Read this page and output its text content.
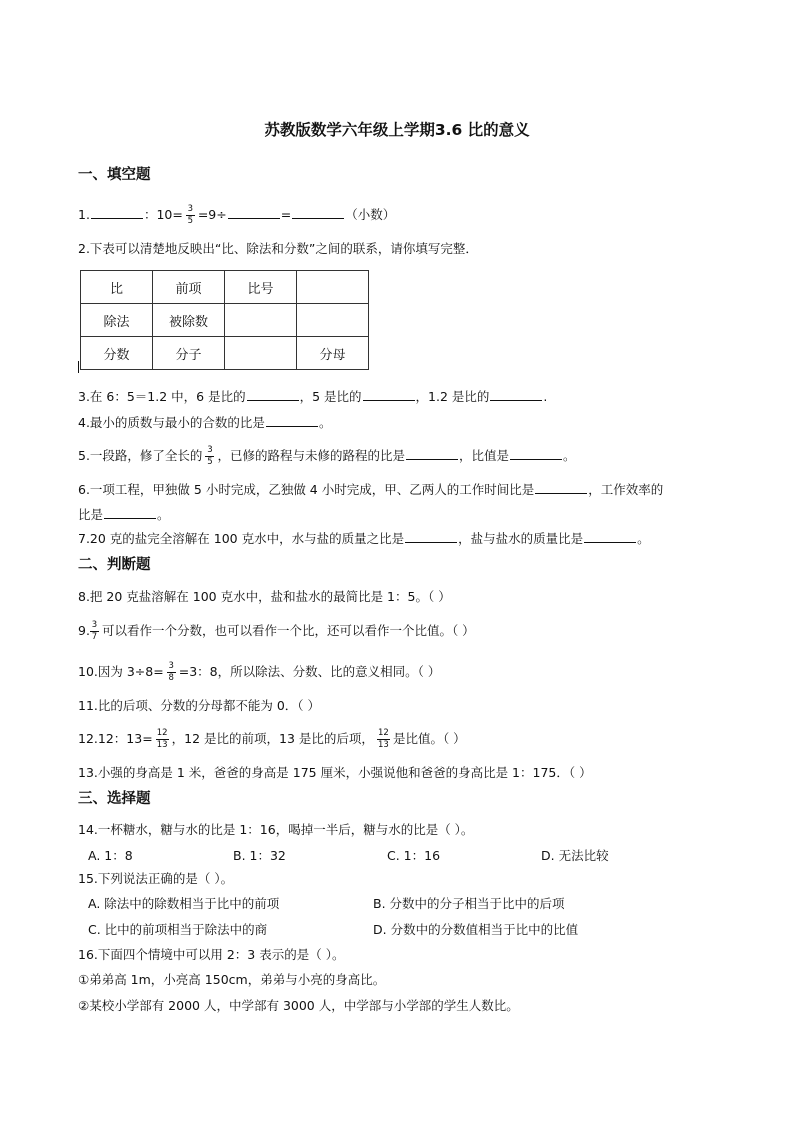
苏教版数学六年级上学期3.6 比的意义
一、填空题
1.	：$10= \frac{3}{5} =9\div$	=	（小数）
2.下表可以清楚地反映出“比、除法和分数”之间的联系，请你填写完整．
比	前项	比号	
除法	被除数		
分数	分子		分母
3.在 6：5＝1.2 中，6 是比的	，5 是比的	，1.2 是比的	.
4.最小的质数与最小的合数的比是	。
5.一段路，修了全长的 $\frac{3}{5}$ ，已修的路程与未修的路程的比是	，比值是	。
6.一项工程，甲独做 5 小时完成，乙独做 4 小时完成，甲、乙两人的工作时间比是	，工作效率的
比是	。
7.20 克的盐完全溶解在 100 克水中，水与盐的质量之比是	，盐与盐水的质量比是	。
二、判断题
8.把 20 克盐溶解在 100 克水中，盐和盐水的最简比是 1：5。（ ）
9. $\frac{3}{7}$ 可以看作一个分数，也可以看作一个比，还可以看作一个比值。（ ）
10.因为 $3\div 8= \frac{3}{8} =3$：8，所以除法、分数、比的意义相同。（ ）
11.比的后项、分数的分母都不能为 0．（ ）
12.12：$13= \frac{12}{13}$ ，12 是比的前项，13 是比的后项， $\frac{12}{13}$ 是比值。（ ）
13.小强的身高是 1 米，爸爸的身高是 175 厘米，小强说他和爸爸的身高比是 1：175．（ ）
三、选择题
14.一杯糖水，糖与水的比是 1：16，喝掉一半后，糖与水的比是（ ）。
A. 1：8	B. 1：32	C. 1：16	D. 无法比较
15.下列说法正确的是（ ）。
A. 除法中的除数相当于比中的前项	B. 分数中的分子相当于比中的后项
C. 比中的前项相当于除法中的商	D. 分数中的分数值相当于比中的比值
16.下面四个情境中可以用 2：3 表示的是（ ）。
①弟弟高 1m，小亮高 150cm，弟弟与小亮的身高比。
②某校小学部有 2000 人，中学部有 3000 人，中学部与小学部的学生人数比。
